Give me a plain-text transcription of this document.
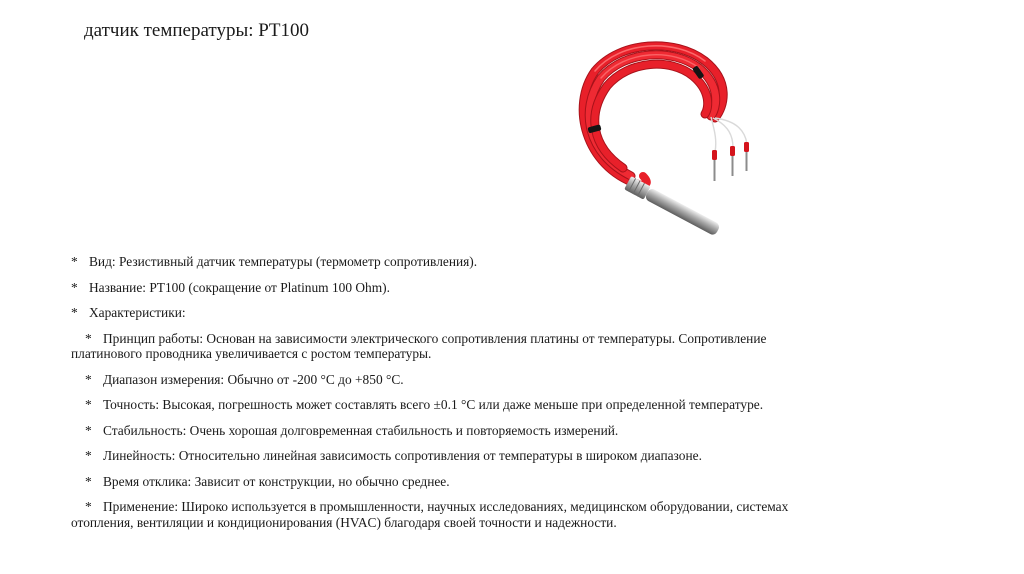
датчик температуры: PT100

* Вид: Резистивный датчик температуры (термометр сопротивления).

* Название: PT100 (сокращение от Platinum 100 Ohm).

* Характеристики:

* Принцип работы: Основан на зависимости электрического сопротивления платины от температуры. Сопротивление платинового проводника увеличивается с ростом температуры.

* Диапазон измерения: Обычно от -200 °C до +850 °C.

* Точность: Высокая, погрешность может составлять всего ±0.1 °C или даже меньше при определенной температуре.

* Стабильность: Очень хорошая долговременная стабильность и повторяемость измерений.

* Линейность: Относительно линейная зависимость сопротивления от температуры в широком диапазоне.

* Время отклика: Зависит от конструкции, но обычно среднее.

* Применение: Широко используется в промышленности, научных исследованиях, медицинском оборудовании, системах отопления, вентиляции и кондиционирования (HVAC) благодаря своей точности и надежности.
